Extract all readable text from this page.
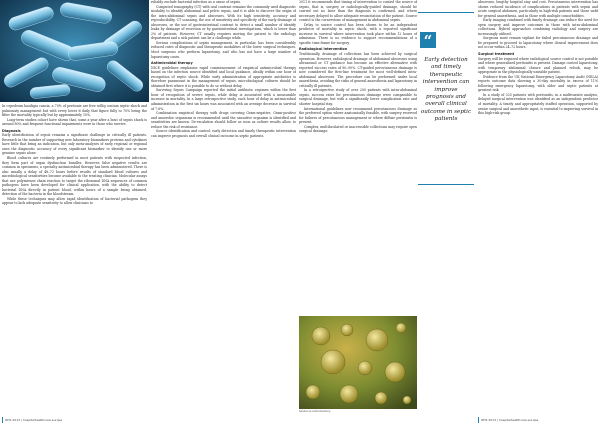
In cepedeum haoiligia cancia, a 70% of peritonie are free willig contain septic shock and pulmonaty management but with every lower it daily that figure fully to 70% being the filter the mortality typically but by approximately 10%.

Long-term studies cohort have shown that, some a year after a bout of sepsis shock is around 80% and frequent functional impairments were in those who survive.

Diagnosis

Early identification of sepsis remains a significant challenge in critically ill patients. Research in the number of supporting new laboratory biomarkers proteins and cytokines have little that bring an indication, but only meta-analyses of early regional or regional ones the diagnostic accuracy of every significant biomarker to identify one or more genuine sepsis alone.

Blood cultures are routinely performed in most patients with suspected infection, they form part of organ dysfunction bundles. However, false negative results are common in specimens, a specialty antimicrobial therapy has been administered. There is also usually a delay of 48–72 hours before results of standard blood cultures and microbiological sensitivities become available to the treating clinician. Molecular assays that use polymerase chain reaction to target the ribosomal DNA sequences of common pathogens have been developed for clinical application, with the ability to detect bacterial DNA directly in patient blood, within hours of a sample being obtained, detection of the bacteria in the bloodstream.

While these techniques may allow rapid identification of bacterial pathogens they appear to lack adequate sensitivity to allow clinicians to

reliably exclude bacterial infection as a cause of sepsis.

Computed tomography (CT) with oral contrast remains the commonly used diagnostic modality to identify abdominal and pelvic sepsis, and it is able to discover the origin of the intra-abdominal sepsis and abscesses. With its high sensitivity, accuracy and reproducibility, CT scanning, the use of sensitivity and specificity of the early drainage of abscesses, or the use of gastrointestinal contrast to detect a small number of identify leaks by drainage of resection or by gastrointestinal investigations, which is lower than 2% of patients. However, CT usually requires moving the patient to the radiology department and a sick patient can be a challenge while.

Serious complications of sepsis management, in particular, has been considerably reduced rates of diagnostic and therapeutic modalities of the lower surgical techniques. Most surgeons who perform laparotomy, and who has not have a large number of laparotomy cases.

Antimicrobial therapy

NICE guidelines emphasise rapid commencement of empirical antimicrobial therapy based on the infection source identified and local guidance, ideally within one hour of recognition of septic shock. While early administration of appropriate antibiotics is therefore paramount in the management of sepsis, microbiological cultures should be obtained first where it is possible to do so without delay.

Surviving Sepsis Campaign reported the initial antibiotic regimen within the first hour of recognition of severe sepsis, while delay is associated with a measurable increase in mortality. In a large retrospective study, each hour of delay in antimicrobial administration in the first six hours was associated with an average decrease in survival of 7.6%.

Combination empirical therapy with drugs covering Gram-negative, Gram-positive and anaerobic organisms is recommended until the causative organism is identified and sensitivities are known. De-escalation should follow as soon as culture results allow, to reduce the risk of resistance.

Source identification and control: early detection and timely therapeutic intervention can improve prognosis and overall clinical outcome in septic patients.

2011 it recommends that timing of intervention to control the source of sepsis, that is, surgery or radiologically-guided drainage, should be carried out no later than the diagnosis is confirmed, and where necessary delayed to allow adequate resuscitation of the patient. Source control is the cornerstone of management in abdominal sepsis.

Delay to source control has been shown to be an independent predictor of mortality in septic shock, with a reported significant increase in survival where intervention took place within 12 hours of admission. There is no evidence to support recommendations of a specific time frame for surgery.

Radiological intervention

Traditionally, drainage of collections has been achieved by surgical operation. However, radiological drainage of abdominal abscesses using ultrasound or CT guidance has become an effective alternative with reported success rates of 80–90%. CT-guided percutaneous drainage is now considered the first-line treatment for most well-defined intra-abdominal abscesses. The procedure can be performed under local anaesthesia, avoiding the risks of general anaesthesia and laparotomy in critically ill patients.

In a retrospective study of over 200 patients with intra-abdominal sepsis, success rates for percutaneous drainage were comparable to surgical drainage, but with a significantly lower complication rate and shorter hospital stay.

International guidelines now recommend percutaneous drainage as the preferred option where anatomically feasible, with surgery reserved for failures of percutaneous management or where diffuse peritonitis is present.

Complex, multiloculated or inaccessible collections may require open surgical drainage.

“
Early detection and timely therapeutic intervention can improve prognosis and overall clinical outcome in septic patients

abscesses, lengthy hospital stay and cost. Percutaneous intervention has shown reduced incidence of complications in patients with sepsis and acute surgical abdomen, particularly in high-risk patients and those unfit for general anaesthesia, and in those with multiple comorbidities.

Early imaging combined with timely drainage can reduce the need for open surgery and improve outcomes in those with intra-abdominal collections. Hybrid approaches combining radiology and surgery are increasingly utilised.

Surgeons must remain vigilant for failed percutaneous drainage and be prepared to proceed to laparotomy where clinical improvement does not occur within 24–72 hours.

Surgical treatment

Surgery will be required where radiological source control is not possible and where generalised peritonitis is present. Damage control laparotomy, with temporary abdominal closure and planned relook, may be appropriate in the physiologically unstable patient.

Evidence from the UK National Emergency Laparotomy Audit (NELA) reports outcome data showing a 30-day mortality in excess of 11% following emergency laparotomy, with older and septic patients at greatest risk.

In a study of 325 patients with peritonitis, in a multivariate analysis, delayed surgical intervention was identified as an independent predictor of mortality. A timely and appropriately staffed operation, supported by senior surgical and anaesthetic input, is essential to improving survival in this high-risk group.

Seaborne enterobactery
RHS 2013 | hospitalhealthcare.europe	RHS 2013 | hospitalhealthcare.europe
